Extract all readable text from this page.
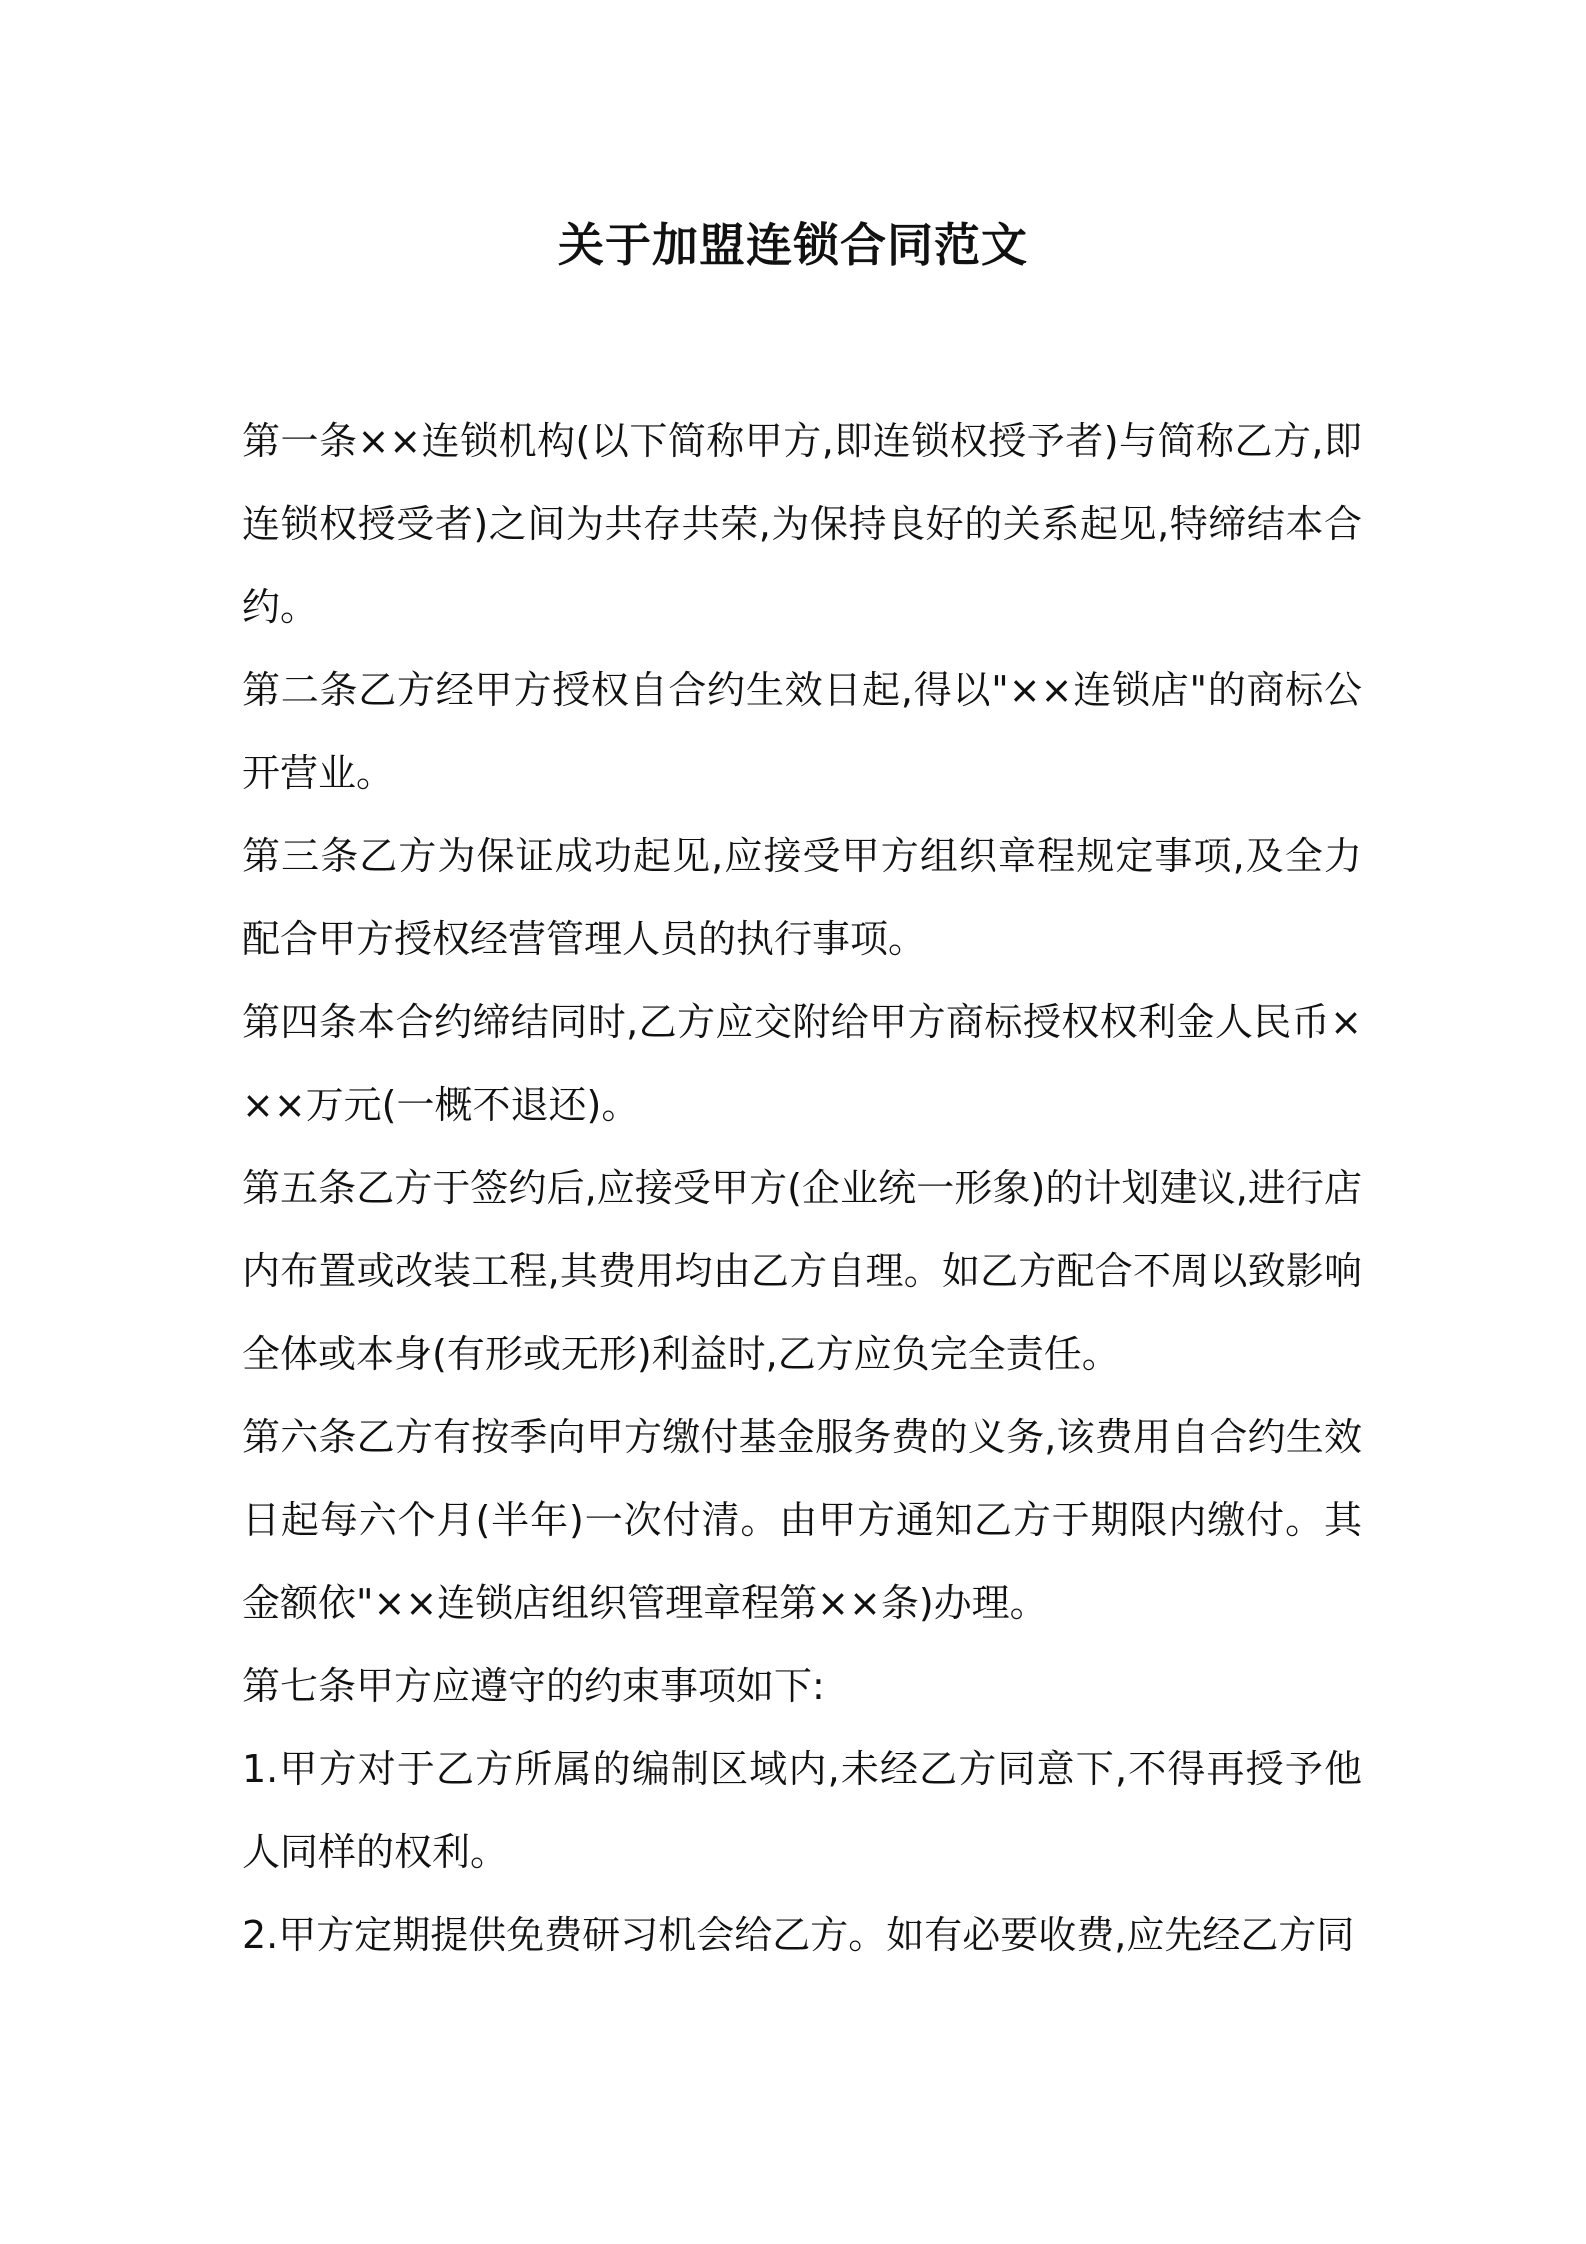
关于加盟连锁合同范文

第一条××连锁机构(以下简称甲方,即连锁权授予者)与简称乙方,即连锁权授受者)之间为共存共荣,为保持良好的关系起见,特缔结本合约。

第二条乙方经甲方授权自合约生效日起,得以"××连锁店"的商标公开营业。

第三条乙方为保证成功起见,应接受甲方组织章程规定事项,及全力配合甲方授权经营管理人员的执行事项。

第四条本合约缔结同时,乙方应交附给甲方商标授权权利金人民币×××万元(一概不退还)。

第五条乙方于签约后,应接受甲方(企业统一形象)的计划建议,进行店内布置或改装工程,其费用均由乙方自理。如乙方配合不周以致影响全体或本身(有形或无形)利益时,乙方应负完全责任。

第六条乙方有按季向甲方缴付基金服务费的义务,该费用自合约生效日起每六个月(半年)一次付清。由甲方通知乙方于期限内缴付。其金额依"××连锁店组织管理章程第××条)办理。

第七条甲方应遵守的约束事项如下:

1.甲方对于乙方所属的编制区域内,未经乙方同意下,不得再授予他人同样的权利。

2.甲方定期提供免费研习机会给乙方。如有必要收费,应先经乙方同
